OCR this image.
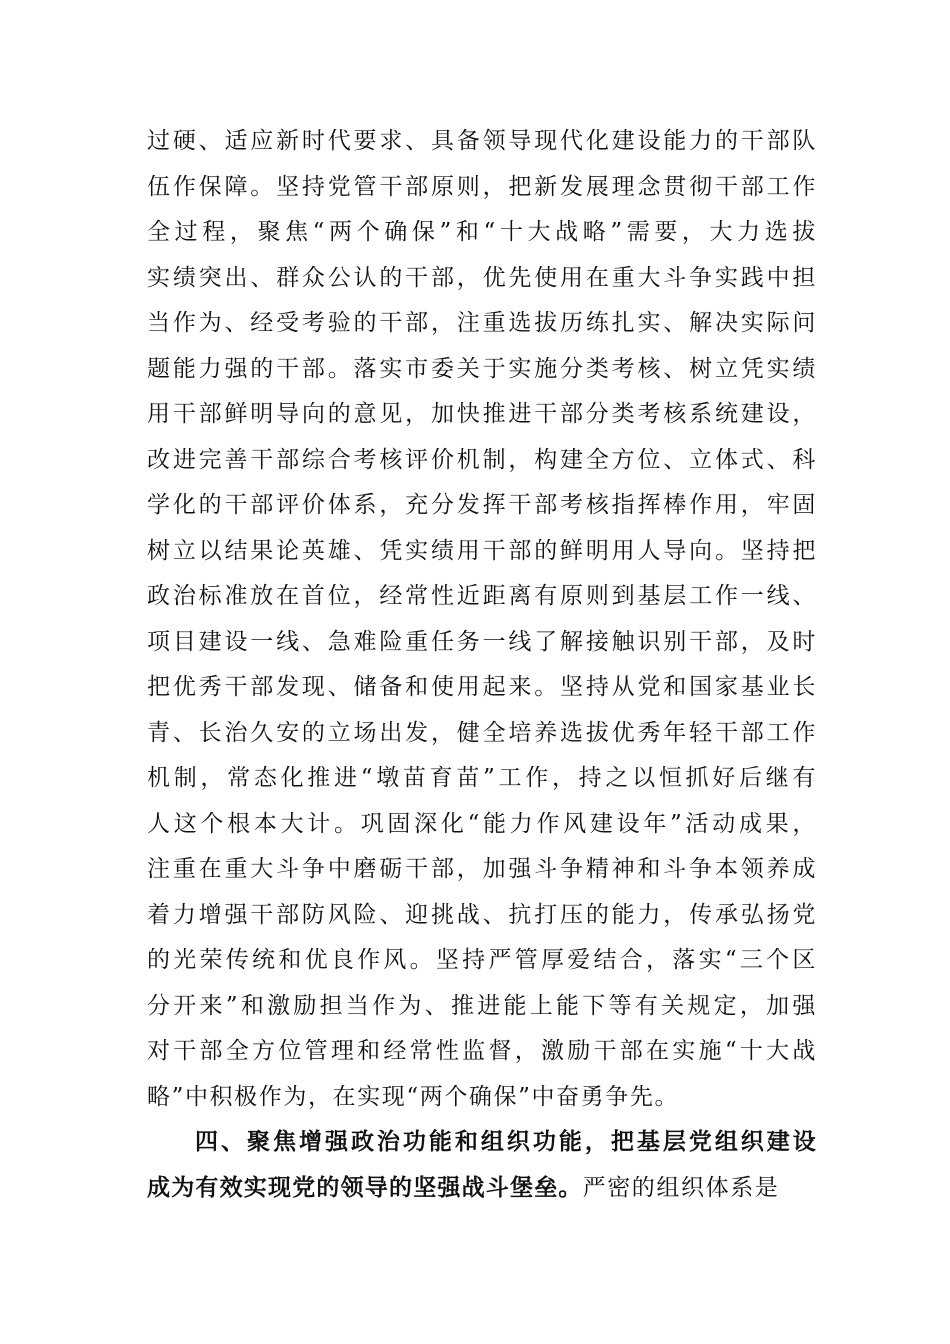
过硬、适应新时代要求、具备领导现代化建设能力的干部队
伍作保障。坚持党管干部原则，把新发展理念贯彻干部工作
全过程，聚焦“两个确保”和“十大战略”需要，大力选拔
实绩突出、群众公认的干部，优先使用在重大斗争实践中担
当作为、经受考验的干部，注重选拔历练扎实、解决实际问
题能力强的干部。落实市委关于实施分类考核、树立凭实绩
用干部鲜明导向的意见，加快推进干部分类考核系统建设，
改进完善干部综合考核评价机制，构建全方位、立体式、科
学化的干部评价体系，充分发挥干部考核指挥棒作用，牢固
树立以结果论英雄、凭实绩用干部的鲜明用人导向。坚持把
政治标准放在首位，经常性近距离有原则到基层工作一线、
项目建设一线、急难险重任务一线了解接触识别干部，及时
把优秀干部发现、储备和使用起来。坚持从党和国家基业长
青、长治久安的立场出发，健全培养选拔优秀年轻干部工作
机制，常态化推进“墩苗育苗”工作，持之以恒抓好后继有
人这个根本大计。巩固深化“能力作风建设年”活动成果，
注重在重大斗争中磨砺干部，加强斗争精神和斗争本领养成
着力增强干部防风险、迎挑战、抗打压的能力，传承弘扬党
的光荣传统和优良作风。坚持严管厚爱结合，落实“三个区
分开来”和激励担当作为、推进能上能下等有关规定，加强
对干部全方位管理和经常性监督，激励干部在实施“十大战
略”中积极作为，在实现“两个确保”中奋勇争先。
四、聚焦增强政治功能和组织功能，把基层党组织建设
成为有效实现党的领导的坚强战斗堡垒。严密的组织体系是
